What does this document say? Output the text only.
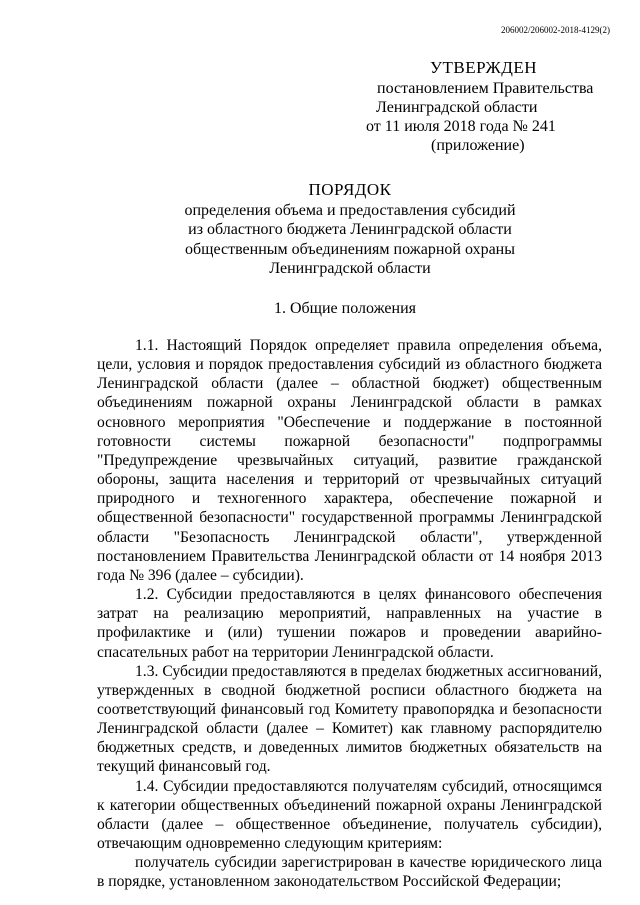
206002/206002-2018-4129(2)
УТВЕРЖДЕН
постановлением Правительства
Ленинградской области
от 11 июля 2018 года № 241
(приложение)
ПОРЯДОК
определения объема и предоставления субсидий
из областного бюджета Ленинградской области
общественным объединениям пожарной охраны
Ленинградской области
1. Общие положения

1.1. Настоящий Порядок определяет правила определения объема, цели, условия и порядок предоставления субсидий из областного бюджета Ленинградской области (далее – областной бюджет) общественным объединениям пожарной охраны Ленинградской области в рамках основного мероприятия "Обеспечение и поддержание в постоянной готовности системы пожарной безопасности" подпрограммы "Предупреждение чрезвычайных ситуаций, развитие гражданской обороны, защита населения и территорий от чрезвычайных ситуаций природного и техногенного характера, обеспечение пожарной и общественной безопасности" государственной программы Ленинградской области "Безопасность Ленинградской области", утвержденной постановлением Правительства Ленинградской области от 14 ноября 2013 года № 396 (далее – субсидии).

1.2. Субсидии предоставляются в целях финансового обеспечения затрат на реализацию мероприятий, направленных на участие в профилактике и (или) тушении пожаров и проведении аварийно-спасательных работ на территории Ленинградской области.

1.3. Субсидии предоставляются в пределах бюджетных ассигнований, утвержденных в сводной бюджетной росписи областного бюджета на соответствующий финансовый год Комитету правопорядка и безопасности Ленинградской области (далее – Комитет) как главному распорядителю бюджетных средств, и доведенных лимитов бюджетных обязательств на текущий финансовый год.

1.4. Субсидии предоставляются получателям субсидий, относящимся к категории общественных объединений пожарной охраны Ленинградской области (далее – общественное объединение, получатель субсидии), отвечающим одновременно следующим критериям:

получатель субсидии зарегистрирован в качестве юридического лица в порядке, установленном законодательством Российской Федерации;
